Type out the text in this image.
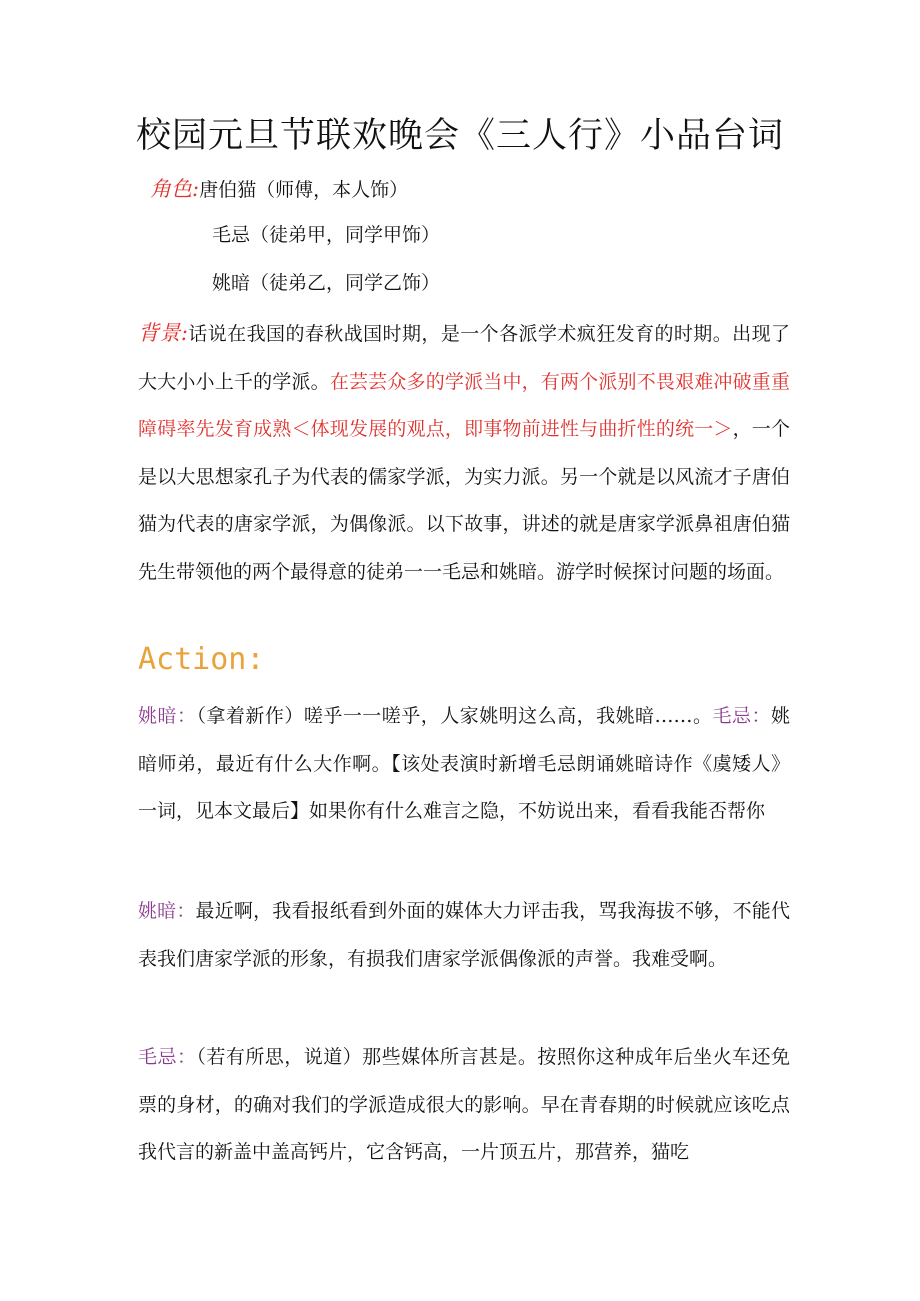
校园元旦节联欢晚会《三人行》小品台词
角色:唐伯猫（师傅，本人饰）
毛忌（徒弟甲，同学甲饰）
姚暗（徒弟乙，同学乙饰）
背景:话说在我国的春秋战国时期，是一个各派学术疯狂发育的时期。出现了大大小小上千的学派。在芸芸众多的学派当中，有两个派别不畏艰难冲破重重障碍率先发育成熟＜体现发展的观点，即事物前进性与曲折性的统一＞，一个是以大思想家孔子为代表的儒家学派，为实力派。另一个就是以风流才子唐伯猫为代表的唐家学派，为偶像派。以下故事，讲述的就是唐家学派鼻祖唐伯猫先生带领他的两个最得意的徒弟一一毛忌和姚暗。游学时候探讨问题的场面。
Action:
姚暗：（拿着新作）嗟乎一一嗟乎，人家姚明这么高，我姚暗……。毛忌：姚暗师弟，最近有什么大作啊。【该处表演时新增毛忌朗诵姚暗诗作《虞矮人》一词，见本文最后】如果你有什么难言之隐，不妨说出来，看看我能否帮你
姚暗：最近啊，我看报纸看到外面的媒体大力评击我，骂我海拔不够，不能代表我们唐家学派的形象，有损我们唐家学派偶像派的声誉。我难受啊。
毛忌：（若有所思，说道）那些媒体所言甚是。按照你这种成年后坐火车还免票的身材，的确对我们的学派造成很大的影响。早在青春期的时候就应该吃点我代言的新盖中盖高钙片，它含钙高，一片顶五片，那营养，猫吃
